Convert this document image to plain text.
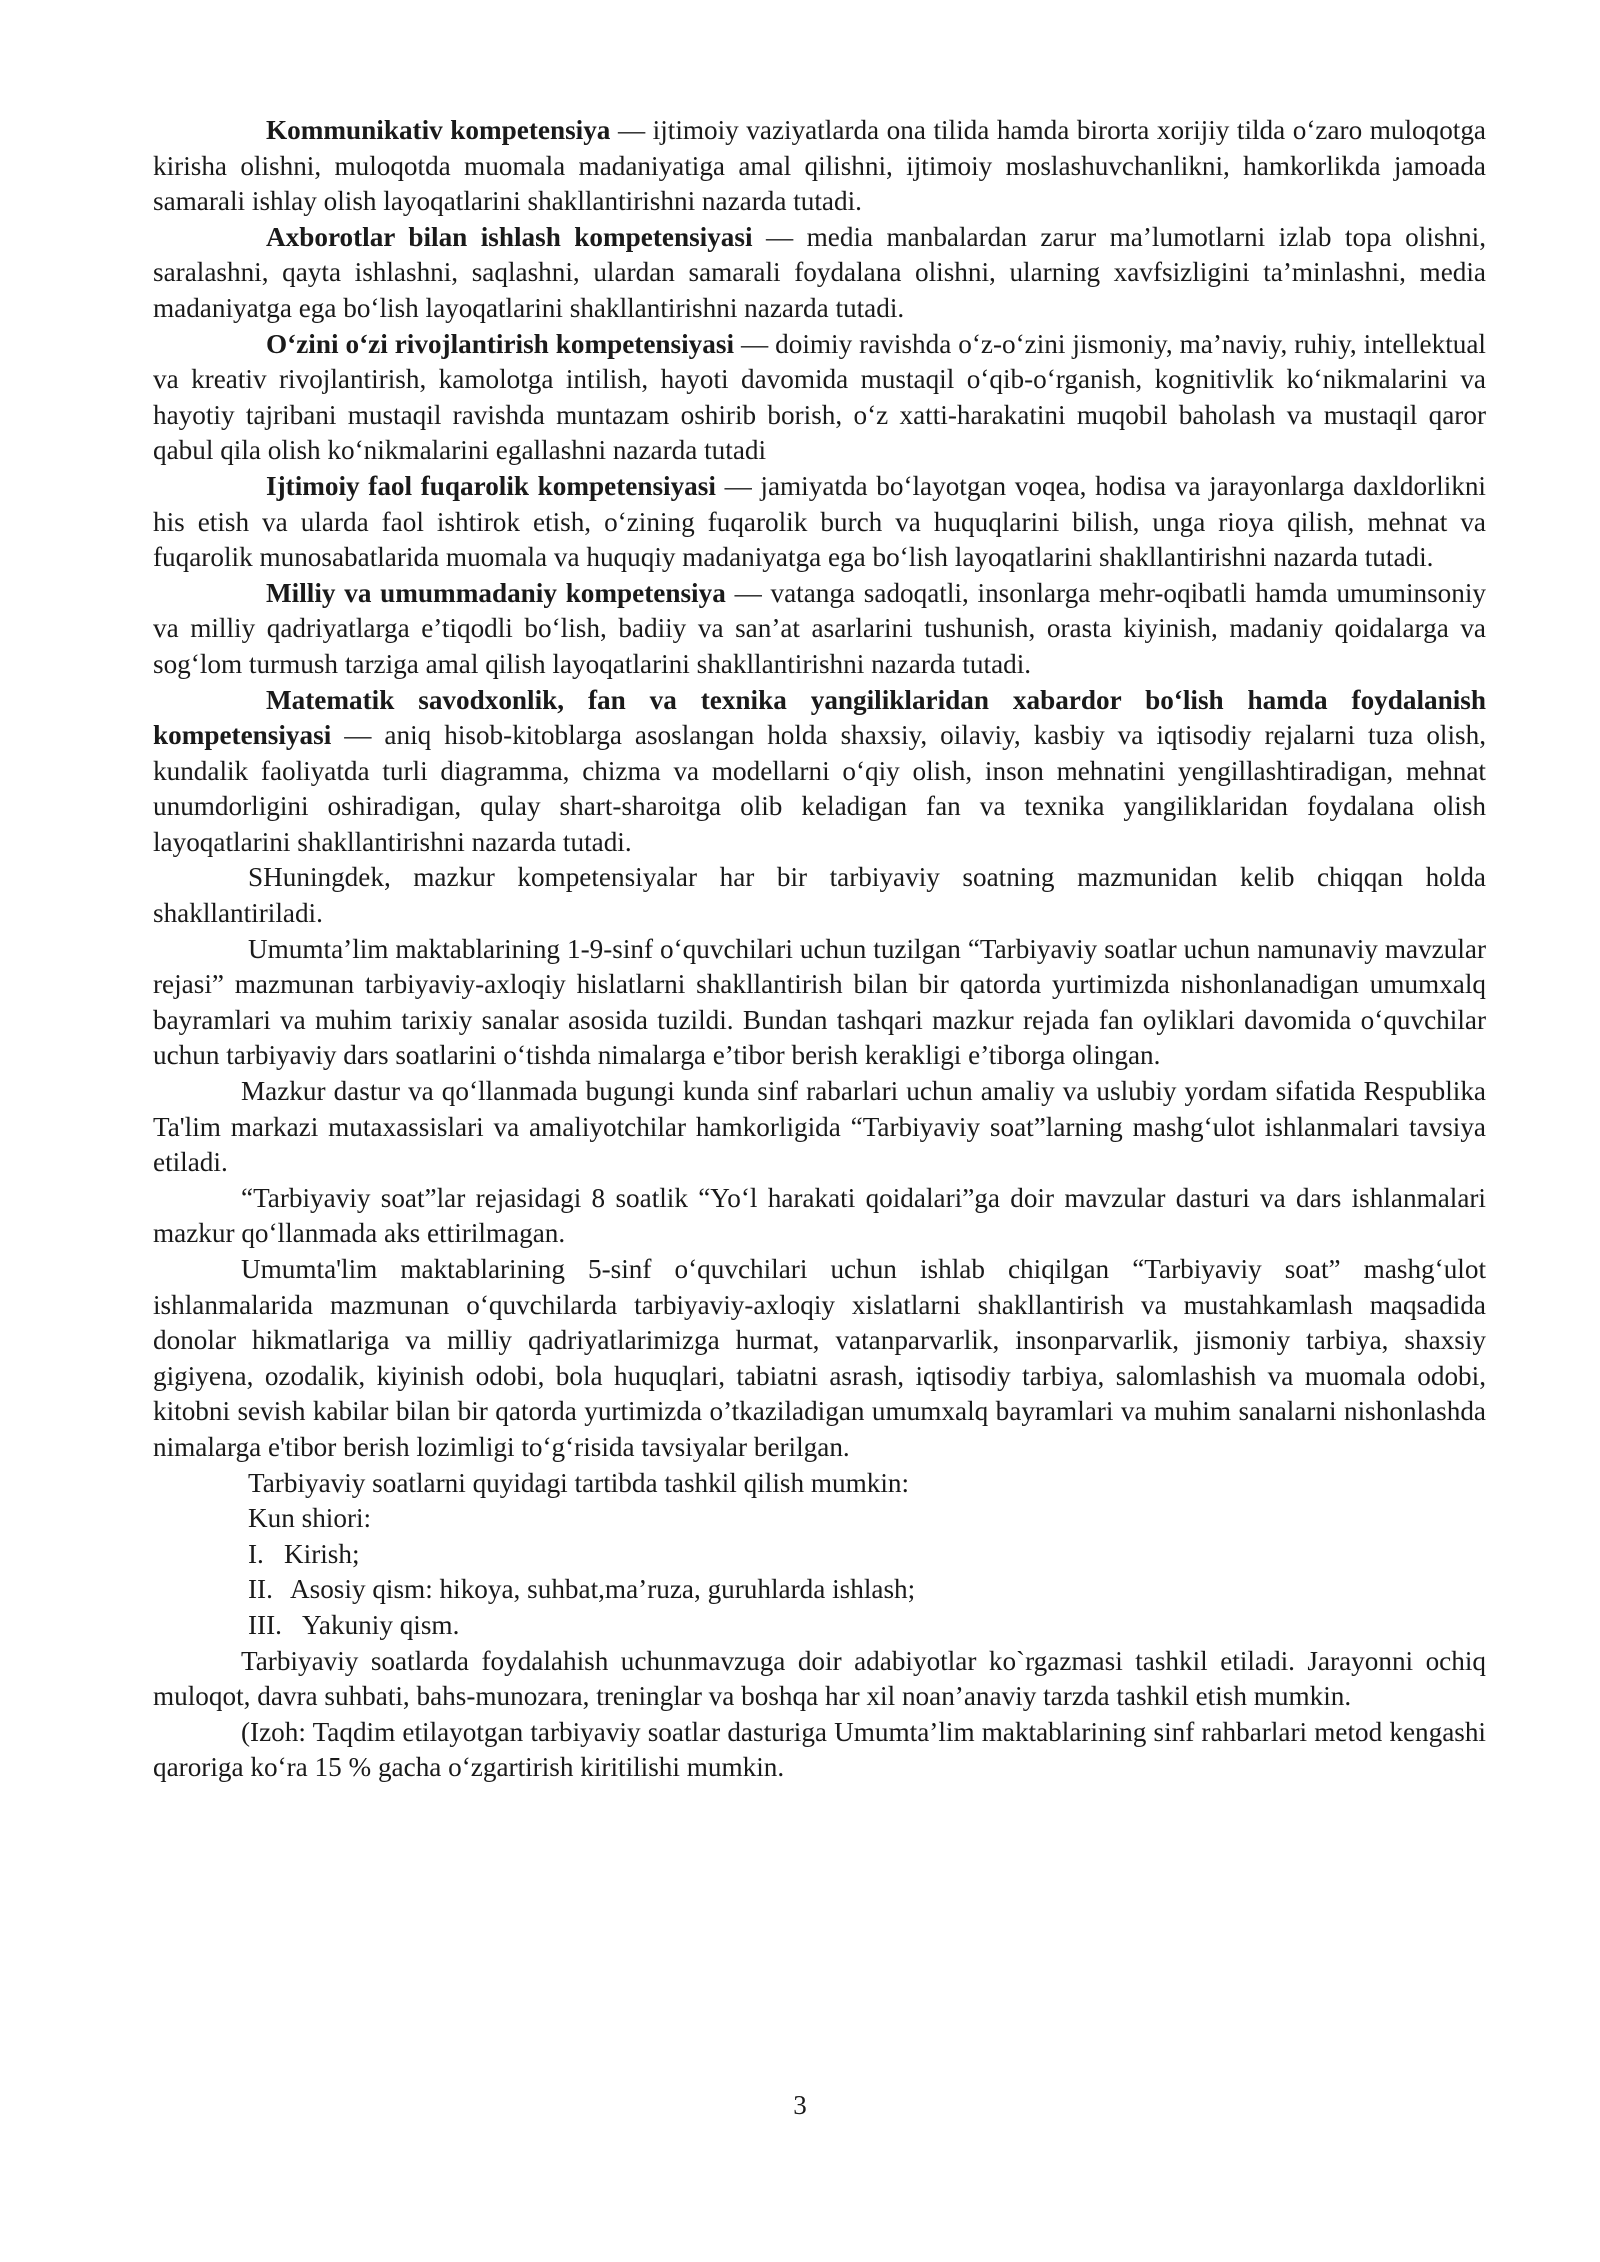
Kommunikativ kompetensiya — ijtimoiy vaziyatlarda ona tilida hamda birorta xorijiy tilda o‘zaro muloqotga kirisha olishni, muloqotda muomala madaniyatiga amal qilishni, ijtimoiy moslashuvchanlikni, hamkorlikda jamoada samarali ishlay olish layoqatlarini shakllantirishni nazarda tutadi.

Axborotlar bilan ishlash kompetensiyasi — media manbalardan zarur ma’lumotlarni izlab topa olishni, saralashni, qayta ishlashni, saqlashni, ulardan samarali foydalana olishni, ularning xavfsizligini ta’minlashni, media madaniyatga ega bo‘lish layoqatlarini shakllantirishni nazarda tutadi.

O‘zini o‘zi rivojlantirish kompetensiyasi — doimiy ravishda o‘z-o‘zini jismoniy, ma’naviy, ruhiy, intellektual va kreativ rivojlantirish, kamolotga intilish, hayoti davomida mustaqil o‘qib-o‘rganish, kognitivlik ko‘nikmalarini va hayotiy tajribani mustaqil ravishda muntazam oshirib borish, o‘z xatti-harakatini muqobil baholash va mustaqil qaror qabul qila olish ko‘nikmalarini egallashni nazarda tutadi

Ijtimoiy faol fuqarolik kompetensiyasi — jamiyatda bo‘layotgan voqea, hodisa va jarayonlarga daxldorlikni his etish va ularda faol ishtirok etish, o‘zining fuqarolik burch va huquqlarini bilish, unga rioya qilish, mehnat va fuqarolik munosabatlarida muomala va huquqiy madaniyatga ega bo‘lish layoqatlarini shakllantirishni nazarda tutadi.

Milliy va umummadaniy kompetensiya — vatanga sadoqatli, insonlarga mehr-oqibatli hamda umuminsoniy va milliy qadriyatlarga e’tiqodli bo‘lish, badiiy va san’at asarlarini tushunish, orasta kiyinish, madaniy qoidalarga va sog‘lom turmush tarziga amal qilish layoqatlarini shakllantirishni nazarda tutadi.

Matematik savodxonlik, fan va texnika yangiliklaridan xabardor bo‘lish hamda foydalanish kompetensiyasi — aniq hisob-kitoblarga asoslangan holda shaxsiy, oilaviy, kasbiy va iqtisodiy rejalarni tuza olish, kundalik faoliyatda turli diagramma, chizma va modellarni o‘qiy olish, inson mehnatini yengillashtiradigan, mehnat unumdorligini oshiradigan, qulay shart-sharoitga olib keladigan fan va texnika yangiliklaridan foydalana olish layoqatlarini shakllantirishni nazarda tutadi.

SHuningdek, mazkur kompetensiyalar har bir tarbiyaviy soatning mazmunidan kelib chiqqan holda shakllantiriladi.

Umumta’lim maktablarining 1-9-sinf o‘quvchilari uchun tuzilgan “Tarbiyaviy soatlar uchun namunaviy mavzular rejasi” mazmunan tarbiyaviy-axloqiy hislatlarni shakllantirish bilan bir qatorda yurtimizda nishonlanadigan umumxalq bayramlari va muhim tarixiy sanalar asosida tuzildi. Bundan tashqari mazkur rejada fan oyliklari davomida o‘quvchilar uchun tarbiyaviy dars soatlarini o‘tishda nimalarga e’tibor berish kerakligi e’tiborga olingan.

Mazkur dastur va qo‘llanmada bugungi kunda sinf rabarlari uchun amaliy va uslubiy yordam sifatida Respublika Ta'lim markazi mutaxassislari va amaliyotchilar hamkorligida “Tarbiyaviy soat”larning mashg‘ulot ishlanmalari tavsiya etiladi.

“Tarbiyaviy soat”lar rejasidagi 8 soatlik “Yo‘l harakati qoidalari”ga doir mavzular dasturi va dars ishlanmalari mazkur qo‘llanmada aks ettirilmagan.

Umumta'lim maktablarining 5-sinf o‘quvchilari uchun ishlab chiqilgan “Tarbiyaviy soat” mashg‘ulot ishlanmalarida mazmunan o‘quvchilarda tarbiyaviy-axloqiy xislatlarni shakllantirish va mustahkamlash maqsadida donolar hikmatlariga va milliy qadriyatlarimizga hurmat, vatanparvarlik, insonparvarlik, jismoniy tarbiya, shaxsiy gigiyena, ozodalik, kiyinish odobi, bola huquqlari, tabiatni asrash, iqtisodiy tarbiya, salomlashish va muomala odobi, kitobni sevish kabilar bilan bir qatorda yurtimizda o’tkaziladigan umumxalq bayramlari va muhim sanalarni nishonlashda nimalarga e'tibor berish lozimligi to‘g‘risida tavsiyalar berilgan.

Tarbiyaviy soatlarni quyidagi tartibda tashkil qilish mumkin:

Kun shiori:

I. Kirish;

II. Asosiy qism: hikoya, suhbat,ma’ruza, guruhlarda ishlash;

III. Yakuniy qism.

Tarbiyaviy soatlarda foydalahish uchunmavzuga doir adabiyotlar ko`rgazmasi tashkil etiladi. Jarayonni ochiq muloqot, davra suhbati, bahs-munozara, treninglar va boshqa har xil noan’anaviy tarzda tashkil etish mumkin.

(Izoh: Taqdim etilayotgan tarbiyaviy soatlar dasturiga Umumta’lim maktablarining sinf rahbarlari metod kengashi qaroriga ko‘ra 15 % gacha o‘zgartirish kiritilishi mumkin.

3
